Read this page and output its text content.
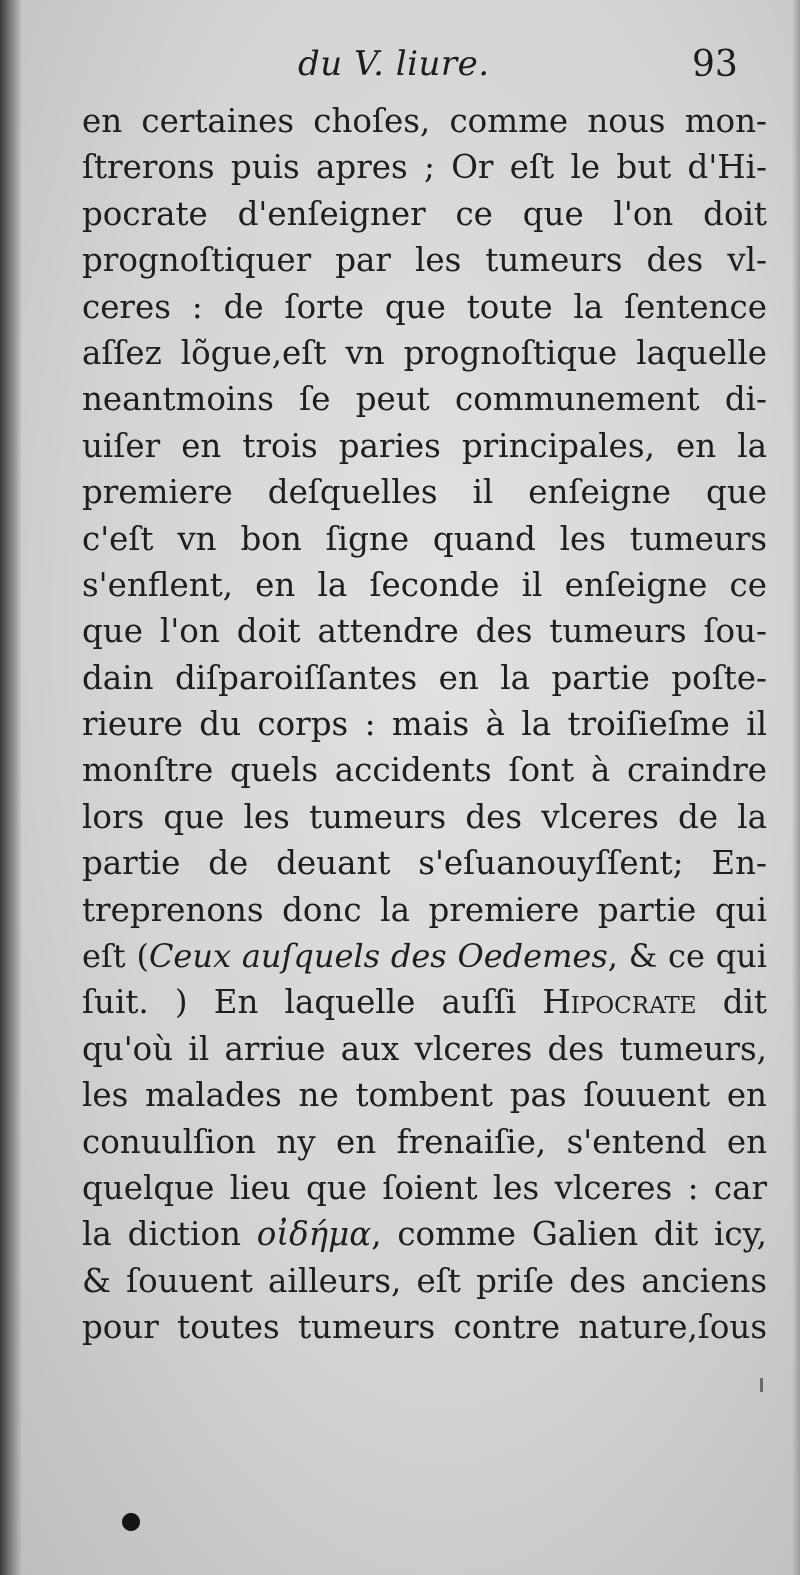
du V. liure.	93
en certaines choſes, comme nous mon-
ſtrerons puis apres ; Or eſt le but d'Hi-
pocrate d'enſeigner ce que l'on doit
prognoſtiquer par les tumeurs des vl-
ceres : de ſorte que toute la ſentence
aſſez lõgue,eſt vn prognoſtique laquelle
neantmoins ſe peut communement di-
uiſer en trois paries principales, en la
premiere deſquelles il enſeigne que
c'eſt vn bon ſigne quand les tumeurs
s'enflent, en la ſeconde il enſeigne ce
que l'on doit attendre des tumeurs ſou-
dain diſparoiſſantes en la partie poſte-
rieure du corps : mais à la troiſieſme il
monſtre quels accidents ſont à craindre
lors que les tumeurs des vlceres de la
partie de deuant s'eſuanouyſſent; En-
treprenons donc la premiere partie qui
eſt (Ceux auſquels des Oedemes, & ce qui
ſuit. ) En laquelle auſſi Hipocrate dit
qu'où il arriue aux vlceres des tumeurs,
les malades ne tombent pas ſouuent en
conuulſion ny en frenaiſie, s'entend en
quelque lieu que ſoient les vlceres : car
la diction οἰδήμα, comme Galien dit icy,
& ſouuent ailleurs, eſt priſe des anciens
pour toutes tumeurs contre nature,ſous
